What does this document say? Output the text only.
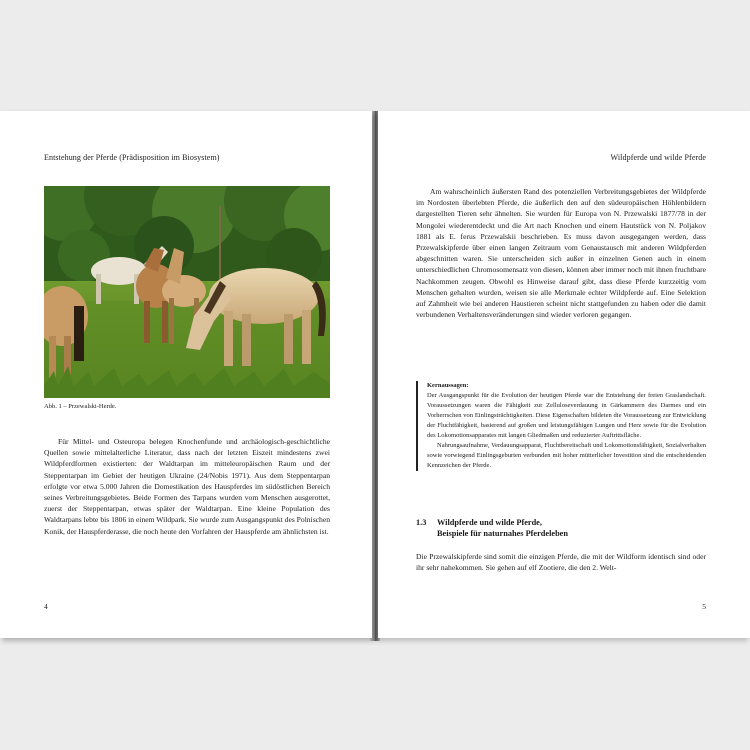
Entstehung der Pferde (Prädisposition im Biosystem)
Abb. 1 – Przewalski-Herde.

Für Mittel- und Osteuropa belegen Knochenfunde und archäologisch-geschichtliche Quellen sowie mittelalterliche Literatur, dass nach der letzten Eiszeit mindestens zwei Wildpferdformen existierten: der Waldtarpan im mitteleuropäischen Raum und der Steppentarpan im Gebiet der heutigen Ukraine (24/Nobis 1971). Aus dem Steppentarpan erfolgte vor etwa 5.000 Jahren die Domestikation des Hauspferdes im südöstlichen Bereich seines Verbreitungsgebietes. Beide Formen des Tarpans wurden vom Menschen ausgerottet, zuerst der Steppentarpan, etwas später der Waldtarpan. Eine kleine Population des Waldtarpans lebte bis 1806 in einem Wildpark. Sie wurde zum Ausgangspunkt des Polnischen Konik, der Hauspferderasse, die noch heute den Vorfahren der Hauspferde am ähnlichsten ist.

4
Wildpferde und wilde Pferde

Am wahrscheinlich äußersten Rand des potenziellen Verbreitungsgebietes der Wildpferde im Nordosten überlebten Pferde, die äußerlich den auf den südeuropäischen Höhlenbildern dargestellten Tieren sehr ähnelten. Sie wurden für Europa von N. Przewalski 1877/78 in der Mongolei wiederentdeckt und die Art nach Knochen und einem Hautstück von N. Poljakov 1881 als E. ferus Przewalskii beschrieben. Es muss davon ausgegangen werden, dass Przewalskipferde über einen langen Zeitraum vom Genaustausch mit anderen Wildpferden abgeschnitten waren. Sie unterscheiden sich außer in einzelnen Genen auch in einem unterschiedlichen Chromosomensatz von diesen, können aber immer noch mit ihnen fruchtbare Nachkommen zeugen. Obwohl es Hinweise darauf gibt, dass diese Pferde kurzzeitig vom Menschen gehalten wurden, weisen sie alle Merkmale echter Wildpferde auf. Eine Selektion auf Zahmheit wie bei anderen Haustieren scheint nicht stattgefunden zu haben oder die damit verbundenen Verhaltensveränderungen sind wieder verloren gegangen.

Kernaussagen:

Der Ausgangspunkt für die Evolution der heutigen Pferde war die Entstehung der freien Graslandschaft. Voraussetzungen waren die Fähigkeit zur Zelluloseverdauung in Gärkammern des Darmes und ein Vorherrschen von Einlingsträchtigkeiten. Diese Eigenschaften bildeten die Voraussetzung zur Entwicklung der Fluchtfähigkeit, basierend auf großen und leistungsfähigen Lungen und Herz sowie für die Evolution des Lokomotionsapparates mit langen Gliedmaßen und reduzierter Auftrittsfläche.

Nahrungsaufnahme, Verdauungsapparat, Fluchtbereitschaft und Lokomotionsfähigkeit, Sozialverhalten sowie vorwiegend Einlingsgeburten verbunden mit hoher mütterlicher Investition sind die entscheidenden Kennzeichen der Pferde.

1.3 Wildpferde und wilde Pferde,
Beispiele für naturnahes Pferdeleben

Die Przewalskipferde sind somit die einzigen Pferde, die mit der Wildform identisch sind oder ihr sehr nahekommen. Sie gehen auf elf Zootiere, die den 2. Welt-

5
